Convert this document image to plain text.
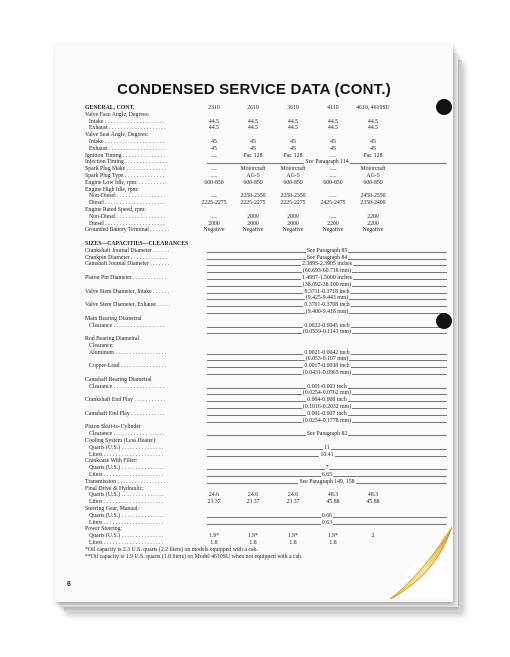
CONDENSED SERVICE DATA (CONT.)
GENERAL, CONT.	2310	2610	3610	4110	4610, 4610SU
Valve Face Angle, Degrees:
Intake . . . . . . . . . . . . . . . . . . . . .	44.5	44.5	44.5	44.5	44.5
Exhaust . . . . . . . . . . . . . . . . . . . .	44.5	44.5	44.5	44.5	44.5
Valve Seat Angle, Degrees:
Intake . . . . . . . . . . . . . . . . . . . . .	45	45	45	45	45
Exhaust . . . . . . . . . . . . . . . . . . . .	45	45	45	45	45
Ignition Timing . . . . . . . . . . . . . . .	.....	Par. 128	Par. 128	.....	Par. 128
Injection Timing . . . . . . . . . . . . . . .	See Paragraph 114
Spark Plug Make . . . . . . . . . . . . . .	.....	Motorcraft	Motorcraft	.....	Motorcraft
Spark Plug Type . . . . . . . . . . . . . .	.....	AG-5	AG-5	.....	AG-5
Engine Low Idle, rpm: . . . . . . . . . .	600-850	600-850	600-850	600-850	600-850
Engine High Idle, rpm:
Non-Diesel . . . . . . . . . . . . . . . . .	.....	2250-2350	2250-2350	.....	2450-2550
Diesel . . . . . . . . . . . . . . . . . . . . .	2225-2275	2225-2275	2225-2275	2425-2475	2350-2400
Engine Rated Speed, rpm:
Non-Diesel . . . . . . . . . . . . . . . . .	.....	2000	2000	.....	2200
Diesel . . . . . . . . . . . . . . . . . . . . .	2000	2000	2000	2200	2200
Grounded Battery Terminal . . . . . . .	Negative	Negative	Negative	Negative	Negative
SIZES—CAPACITIES—CLEARANCES
Crankshaft Journal Diameter . . . . . .	See Paragraph 85
Crankpin Diameter . . . . . . . . . . . . .	See Paragraph 84
Camshaft Journal Diameter . . . . . . .	2.3895-2.3905 inches
(60.693-60.718 mm)
Piston Pin Diameter . . . . . . . . . . . .	1.4997-1.5000 inches
(38.092-38.100 mm)
Valve Stem Diameter, Intake . . . . . .	0.3711-0.3718 inch
(9.425-9.443 mm)
Valve Stem Diameter, Exhaust . . . . .	0.3701-0.3708 inch
(9.400-9.418 mm)
Main Bearing Diametral
Clearance . . . . . . . . . . . . . . . . . .	0.0022-0.0045 inch
(0.0559-0.1143 mm)
Rod Bearing Diametral
Clearance:
Aluminum . . . . . . . . . . . . . . . . . .	0.0021-0.0042 inch
(0.053-0.107 mm)
Copper-Lead . . . . . . . . . . . . . . . .	0.0017-0.0038 inch
(0.0431-0.0965 mm)
Camshaft Bearing Diametral
Clearance . . . . . . . . . . . . . . . . . .	0.001-0.003 inch
(0.0254-0.0762 mm)
Crankshaft End Play . . . . . . . . . . .	0.004-0.008 inch
(0.1016-0.2032 mm)
Camshaft End Play . . . . . . . . . . . .	0.001-0.007 inch
(0.0254-0.1778 mm)
Piston Skirt-to-Cylinder
Clearance . . . . . . . . . . . . . . . . . .	See Paragraph 82
Cooling System (Less Heater):
Quarts (U.S.) . . . . . . . . . . . . . . .	11
Liters . . . . . . . . . . . . . . . . . . . . .	10.41
Crankcase With Filter:
Quarts (U.S.) . . . . . . . . . . . . . . .	7
Liters . . . . . . . . . . . . . . . . . . . . .	6.65
Transmission . . . . . . . . . . . . . . . . .	See Paragraph 149, 158
Final Drive & Hydraulic:
Quarts (U.S.) . . . . . . . . . . . . . . .	24.6	24.6	24.6	48.3	48.3
Liters . . . . . . . . . . . . . . . . . . . . .	23.37	23.37	23.37	45.88	45.88
Steering Gear, Manual:
Quarts (U.S.) . . . . . . . . . . . . . . .	0.66
Liters . . . . . . . . . . . . . . . . . . . . .	0.63
Power Steering:
Quarts (U.S.) . . . . . . . . . . . . . . .	1.9*	1.9*	1.9*	1.9*	2
Liters . . . . . . . . . . . . . . . . . . . . .	1.8	1.8	1.8	1.8
*Oil capacity is 2.3 U.S. quarts (2.2 liters) on models equipped with a cab.
**Oil capacity is 1.9 U.S. quarts (1.8 liters) on Model 4610SU when not equipped with a cab.
6
